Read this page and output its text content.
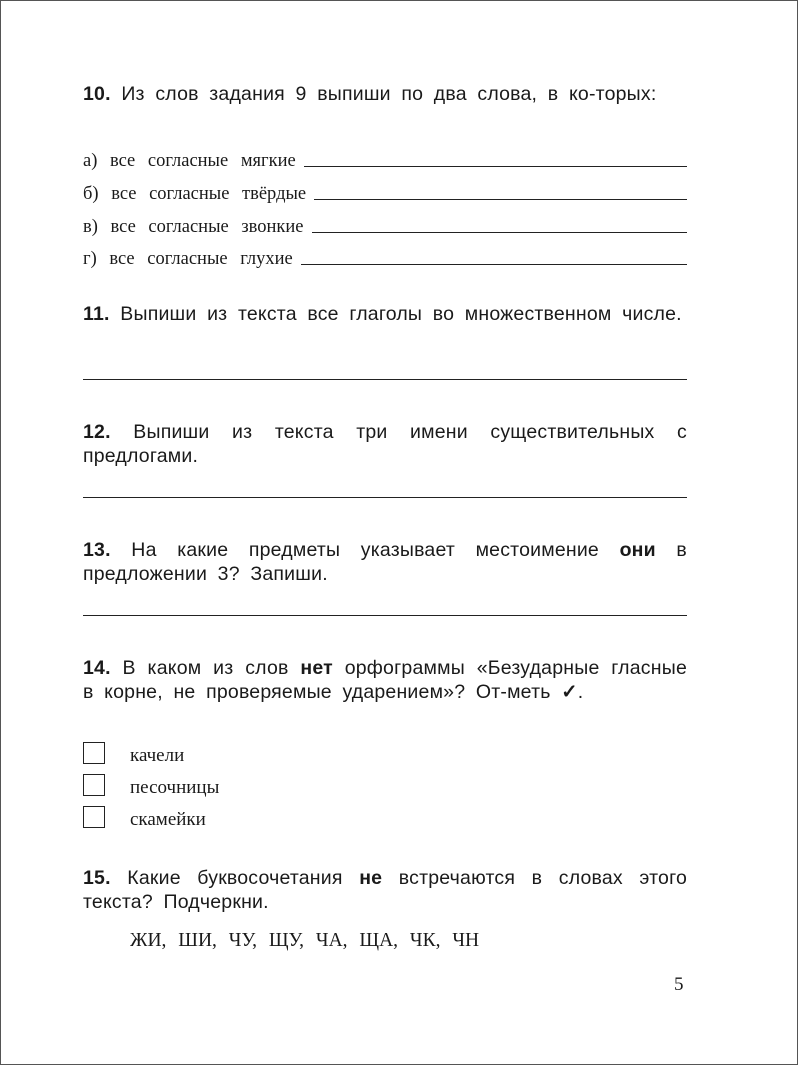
10. Из слов задания 9 выпиши по два слова, в ко-торых:
а) все согласные мягкие
б) все согласные твёрдые
в) все согласные звонкие
г) все согласные глухие
11. Выпиши из текста все глаголы во множественном числе.
12. Выпиши из текста три имени существительных с предлогами.
13. На какие предметы указывает местоимение они в предложении 3? Запиши.
14. В каком из слов нет орфограммы «Безударные гласные в корне, не проверяемые ударением»? От-меть ✓.
качели
песочницы
скамейки
15. Какие буквосочетания не встречаются в словах этого текста? Подчеркни.
ЖИ, ШИ, ЧУ, ЩУ, ЧА, ЩА, ЧК, ЧН
5
